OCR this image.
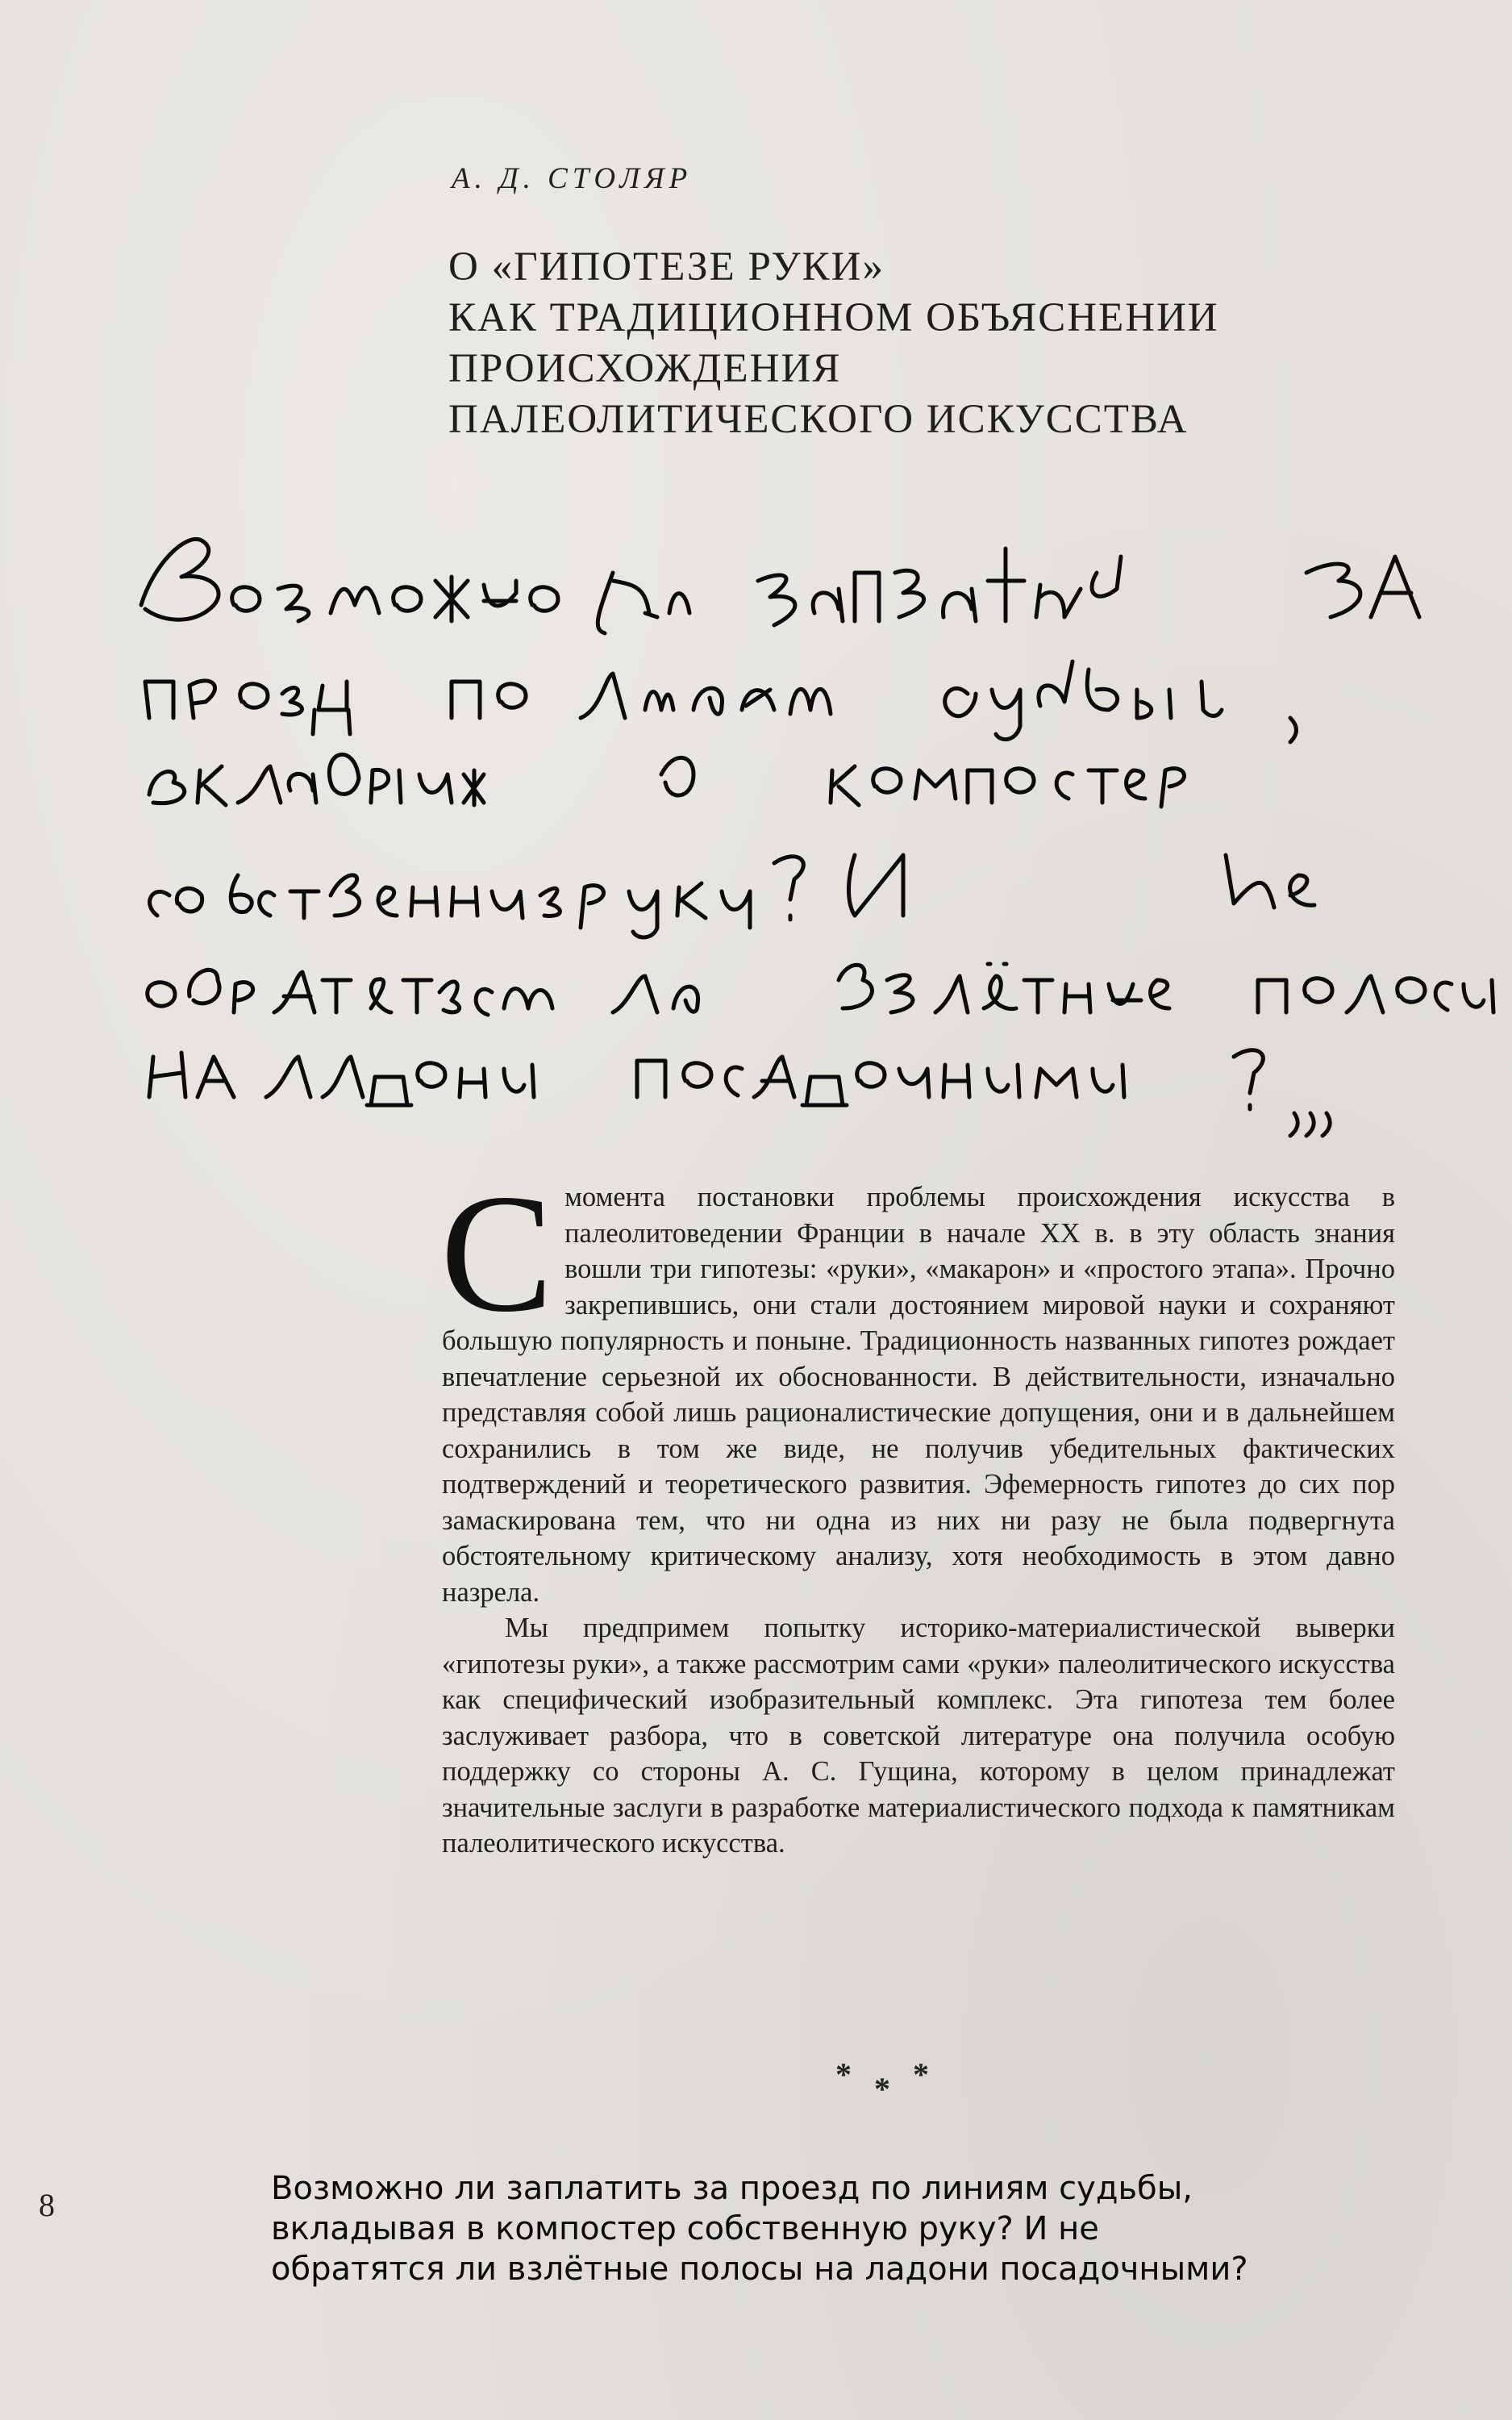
А. Д. СТОЛЯР
О «ГИПОТЕЗЕ РУКИ»
КАК ТРАДИЦИОННОМ ОБЪЯСНЕНИИ
ПРОИСХОЖДЕНИЯ
ПАЛЕОЛИТИЧЕСКОГО ИСКУССТВА

Смомента постановки проблемы происхождения искусства в палеолитоведении Франции в начале XX в. в эту область знания вошли три гипотезы: «руки», «макарон» и «простого этапа». Прочно закрепившись, они стали достоянием мировой науки и сохраняют большую популярность и поныне. Традиционность названных гипотез рождает впечатление серьезной их обоснованности. В действительности, изначально представляя собой лишь рационалистические допущения, они и в дальнейшем сохранились в том же виде, не получив убедительных фактических подтверждений и теоретического развития. Эфемерность гипотез до сих пор замаскирована тем, что ни одна из них ни разу не была подвергнута обстоятельному критическому анализу, хотя необходимость в этом давно назрела.

Мы предпримем попытку историко-материалистической выверки «гипотезы руки», а также рассмотрим сами «руки» палеолитического искусства как специфический изобразительный комплекс. Эта гипотеза тем более заслуживает разбора, что в советской литературе она получила особую поддержку со стороны А. С. Гущина, которому в целом принадлежат значительные заслуги в разработке материалистического подхода к памятникам палеолитического искусства.

* * *
8	Возможно ли заплатить за проезд по линиям судьбы,
вкладывая в компостер собственную руку? И не
обратятся ли взлётные полосы на ладони посадочными?
